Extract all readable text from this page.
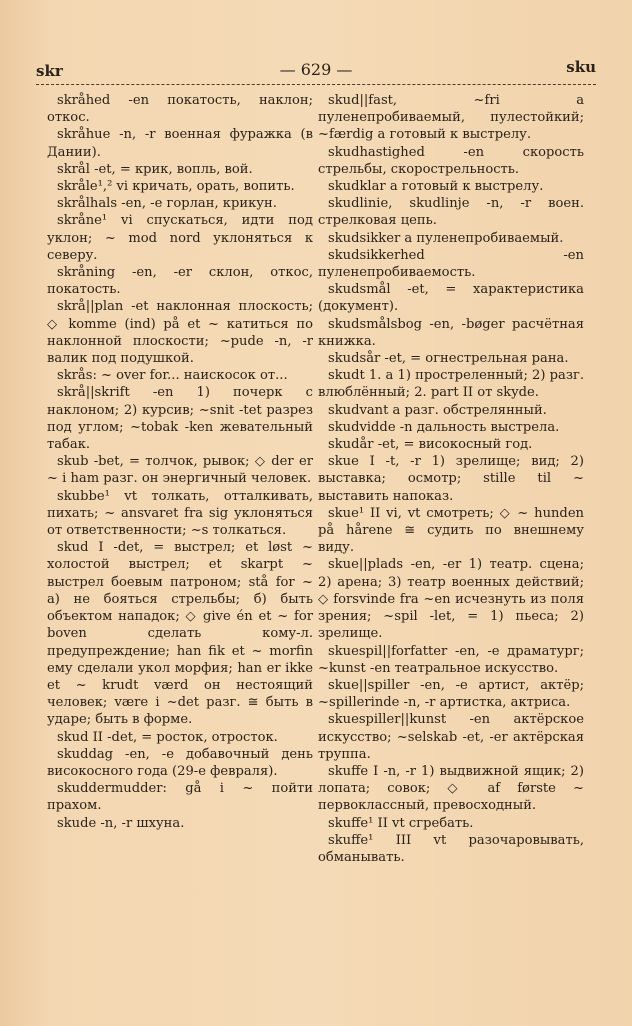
skr	— 629 —	sku

skråhed -en покатость, наклон; откос.

skråhue -n, -r военная фуражка (в Дании).

skrål -et, = крик, вопль, вой.

skråle¹,² vi кричать, орать, вопить.

skrålhals -en, -e горлан, крикун.

skråne¹ vi спускаться, идти под уклон; ~ mod nord уклоняться к северу.

skråning -en, -er склон, откос, покатость.

skrå||plan -et наклонная плоскость; ◇ komme (ind) på et ~ катиться по наклонной плоскости; ~pude -n, -r валик под подушкой.

skrås: ~ over for... наискосок от...

skrå||skrift -en 1) почерк с наклоном; 2) курсив; ~snit -tet разрез под углом; ~tobak -ken жевательный табак.

skub -bet, = толчок, рывок; ◇ der er ~ i ham разг. он энергичный человек.

skubbe¹ vt толкать, отталкивать, пихать; ~ ansvaret fra sig уклоняться от ответственности; ~s толкаться.

skud I -det, = выстрел; et løst ~ холостой выстрел; et skarpt ~ выстрел боевым патроном; stå for ~ a) не бояться стрельбы; б) быть объектом нападок; ◇ give én et ~ for boven сделать кому-л. предупреждение; han fik et ~ morfin ему сделали укол морфия; han er ikke et ~ krudt værd он нестоящий человек; være i ~det разг. ≅ быть в ударе; быть в форме.

skud II -det, = росток, отросток.

skuddag -en, -e добавочный день високосного года (29-е февраля).

skuddermudder: gå i ~ пойти прахом.

skude -n, -r шхуна.

skud||fast, ~fri a пуленепробиваемый, пулестойкий; ~færdig a готовый к выстрелу.

skudhastighed -en скорость стрельбы, скорострельность.

skudklar a готовый к выстрелу.

skudlinie, skudlinje -n, -r воен. стрелковая цепь.

skudsikker a пуленепробиваемый.

skudsikkerhed -en пуленепробиваемость.

skudsmål -et, = характеристика (документ).

skudsmålsbog -en, -bøger расчётная книжка.

skudsår -et, = огнестрельная рана.

skudt 1. a 1) простреленный; 2) разг. влюблённый; 2. part II от skyde.

skudvant a разг. обстрелянный.

skudvidde -n дальность выстрела.

skudår -et, = високосный год.

skue I -t, -r 1) зрелище; вид; 2) выставка; осмотр; stille til ~ выставить напоказ.

skue¹ II vi, vt смотреть; ◇ ~ hunden på hårene ≅ судить по внешнему виду.

skue||plads -en, -er 1) театр. сцена; 2) арена; 3) театр военных действий; ◇ forsvinde fra ~en исчезнуть из поля зрения; ~spil -let, = 1) пьеса; 2) зрелище.

skuespil||forfatter -en, -e драматург; ~kunst -en театральное искусство.

skue||spiller -en, -e артист, актёр; ~spillerinde -n, -r артистка, актриса.

skuespiller||kunst -en актёрское искусство; ~selskab -et, -er актёрская труппа.

skuffe I -n, -r 1) выдвижной ящик; 2) лопата; совок; ◇ af første ~ первоклассный, превосходный.

skuffe¹ II vt сгребать.

skuffe¹ III vt разочаровывать, обманывать.
